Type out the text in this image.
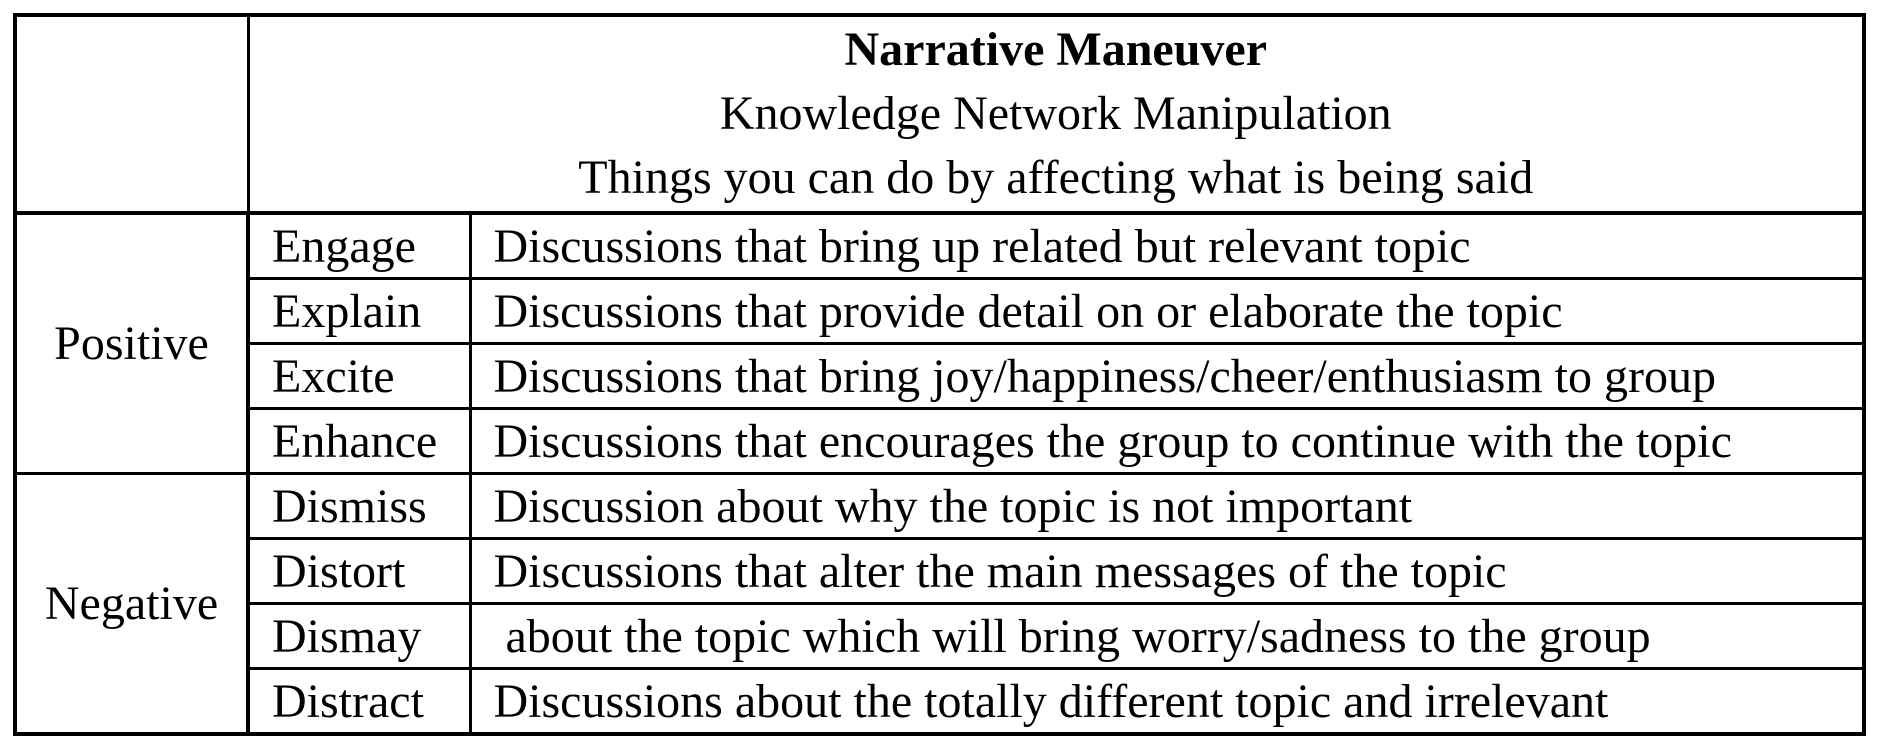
	Narrative Maneuver
Knowledge Network Manipulation
Things you can do by affecting what is being said	

Positive	Engage	Discussions that bring up related but relevant topic
	Explain	Discussions that provide detail on or elaborate the topic
	Excite	Discussions that bring joy/happiness/cheer/enthusiasm to group
	Enhance	Discussions that encourages the group to continue with the topic
Negative	Dismiss	Discussion about why the topic is not important
	Distort	Discussions that alter the main messages of the topic
	Dismay	about the topic which will bring worry/sadness to the group
	Distract	Discussions about the totally different topic and irrelevant
